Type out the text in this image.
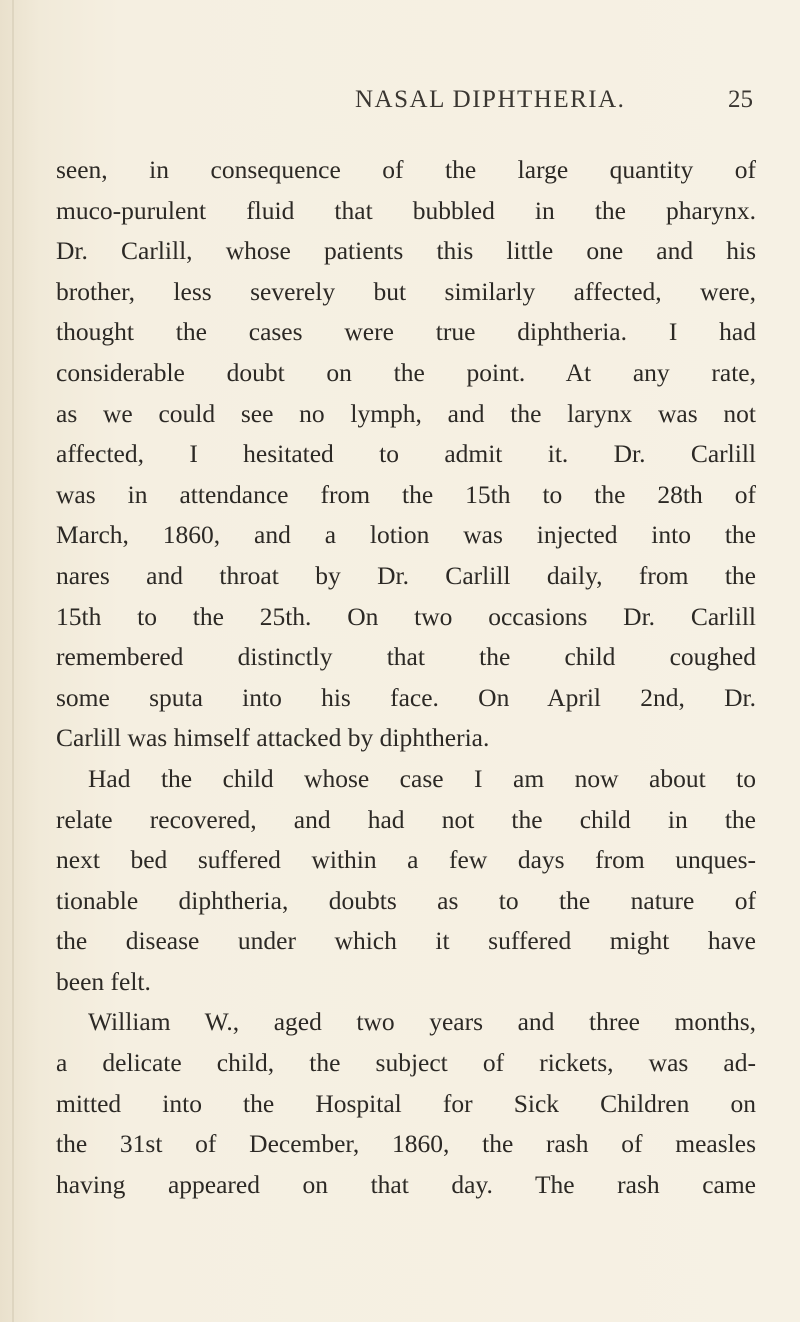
NASAL DIPHTHERIA.	25
seen, in consequence of the large quantity of
muco-purulent fluid that bubbled in the pharynx.
Dr. Carlill, whose patients this little one and his
brother, less severely but similarly affected, were,
thought the cases were true diphtheria. I had
considerable doubt on the point. At any rate,
as we could see no lymph, and the larynx was not
affected, I hesitated to admit it. Dr. Carlill
was in attendance from the 15th to the 28th of
March, 1860, and a lotion was injected into the
nares and throat by Dr. Carlill daily, from the
15th to the 25th. On two occasions Dr. Carlill
remembered distinctly that the child coughed
some sputa into his face. On April 2nd, Dr.
Carlill was himself attacked by diphtheria.
Had the child whose case I am now about to
relate recovered, and had not the child in the
next bed suffered within a few days from unques-
tionable diphtheria, doubts as to the nature of
the disease under which it suffered might have
been felt.
William W., aged two years and three months,
a delicate child, the subject of rickets, was ad-
mitted into the Hospital for Sick Children on
the 31st of December, 1860, the rash of measles
having appeared on that day. The rash came
